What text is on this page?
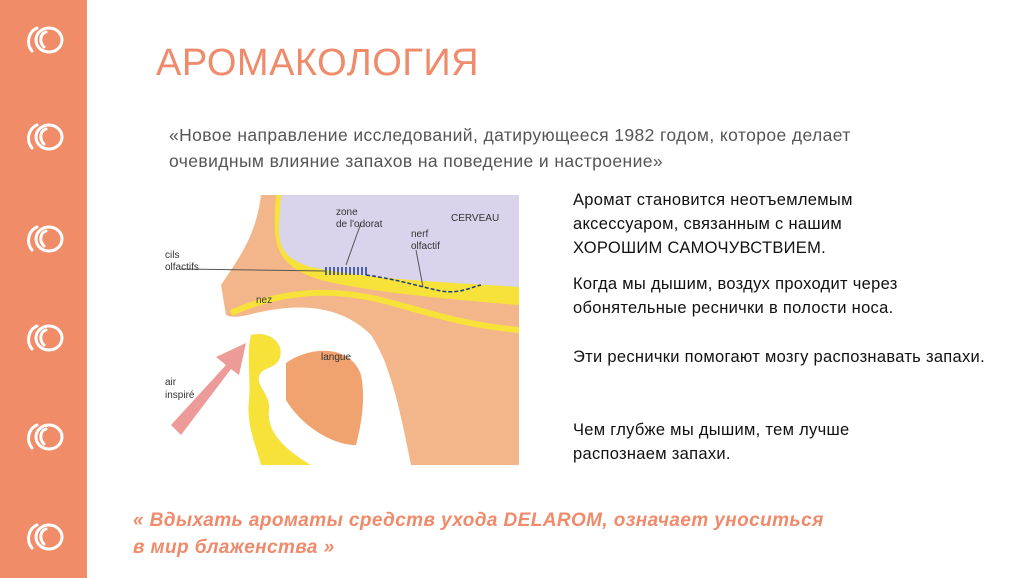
АРОМАКОЛОГИЯ
«Новое направление исследований, датирующееся 1982 годом, которое делает очевидным влияние запахов на поведение и настроение»
zone
de l'odorat
CERVEAU
nerf
olfactif
cils
olfactifs
nez
langue
air
inspiré
Аромат становится неотъемлемым аксессуаром, связанным с нашим ХОРОШИМ САМОЧУВСТВИЕМ.
Когда мы дышим, воздух проходит через обонятельные реснички в полости носа.
Эти реснички помогают мозгу распознавать запахи.
Чем глубже мы дышим, тем лучше распознаем запахи.
« Вдыхать ароматы средств ухода DELAROM, означает уноситься в мир блаженства »
